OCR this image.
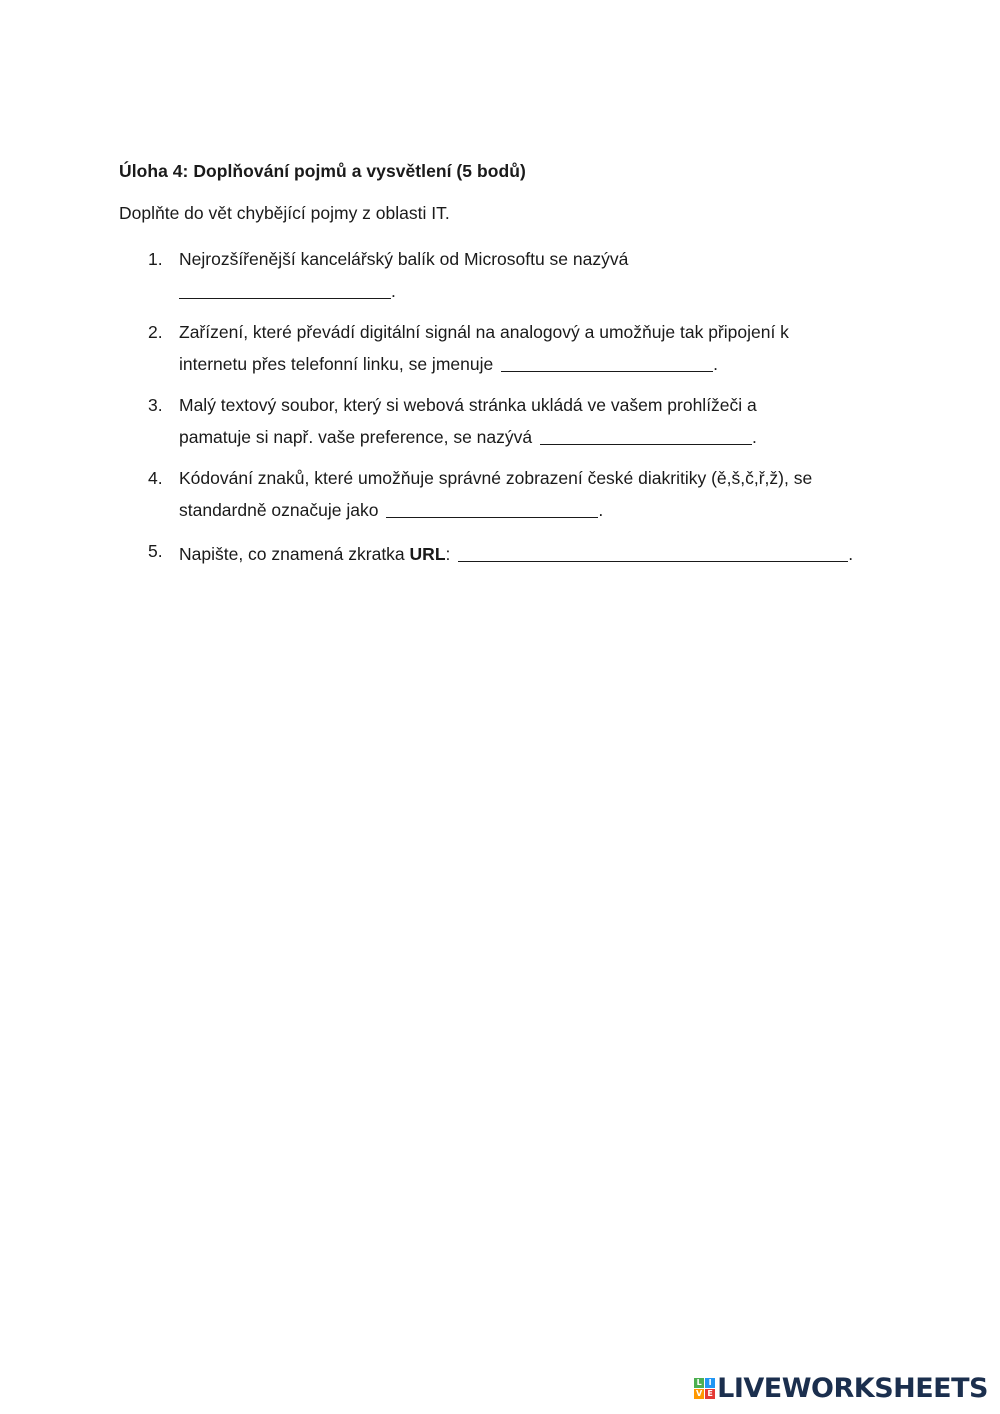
Úloha 4: Doplňování pojmů a vysvětlení (5 bodů)
Doplňte do vět chybějící pojmy z oblasti IT.
1. Nejrozšířenější kancelářský balík od Microsoftu se nazývá
.
2. Zařízení, které převádí digitální signál na analogový a umožňuje tak připojení k
internetu přes telefonní linku, se jmenuje	.
3. Malý textový soubor, který si webová stránka ukládá ve vašem prohlížeči a
pamatuje si např. vaše preference, se nazývá	.
4. Kódování znaků, které umožňuje správné zobrazení české diakritiky (ě,š,č,ř,ž), se
standardně označuje jako	.
5. Napište, co znamená zkratka URL:	.
L I
V E LIVEWORKSHEETS
